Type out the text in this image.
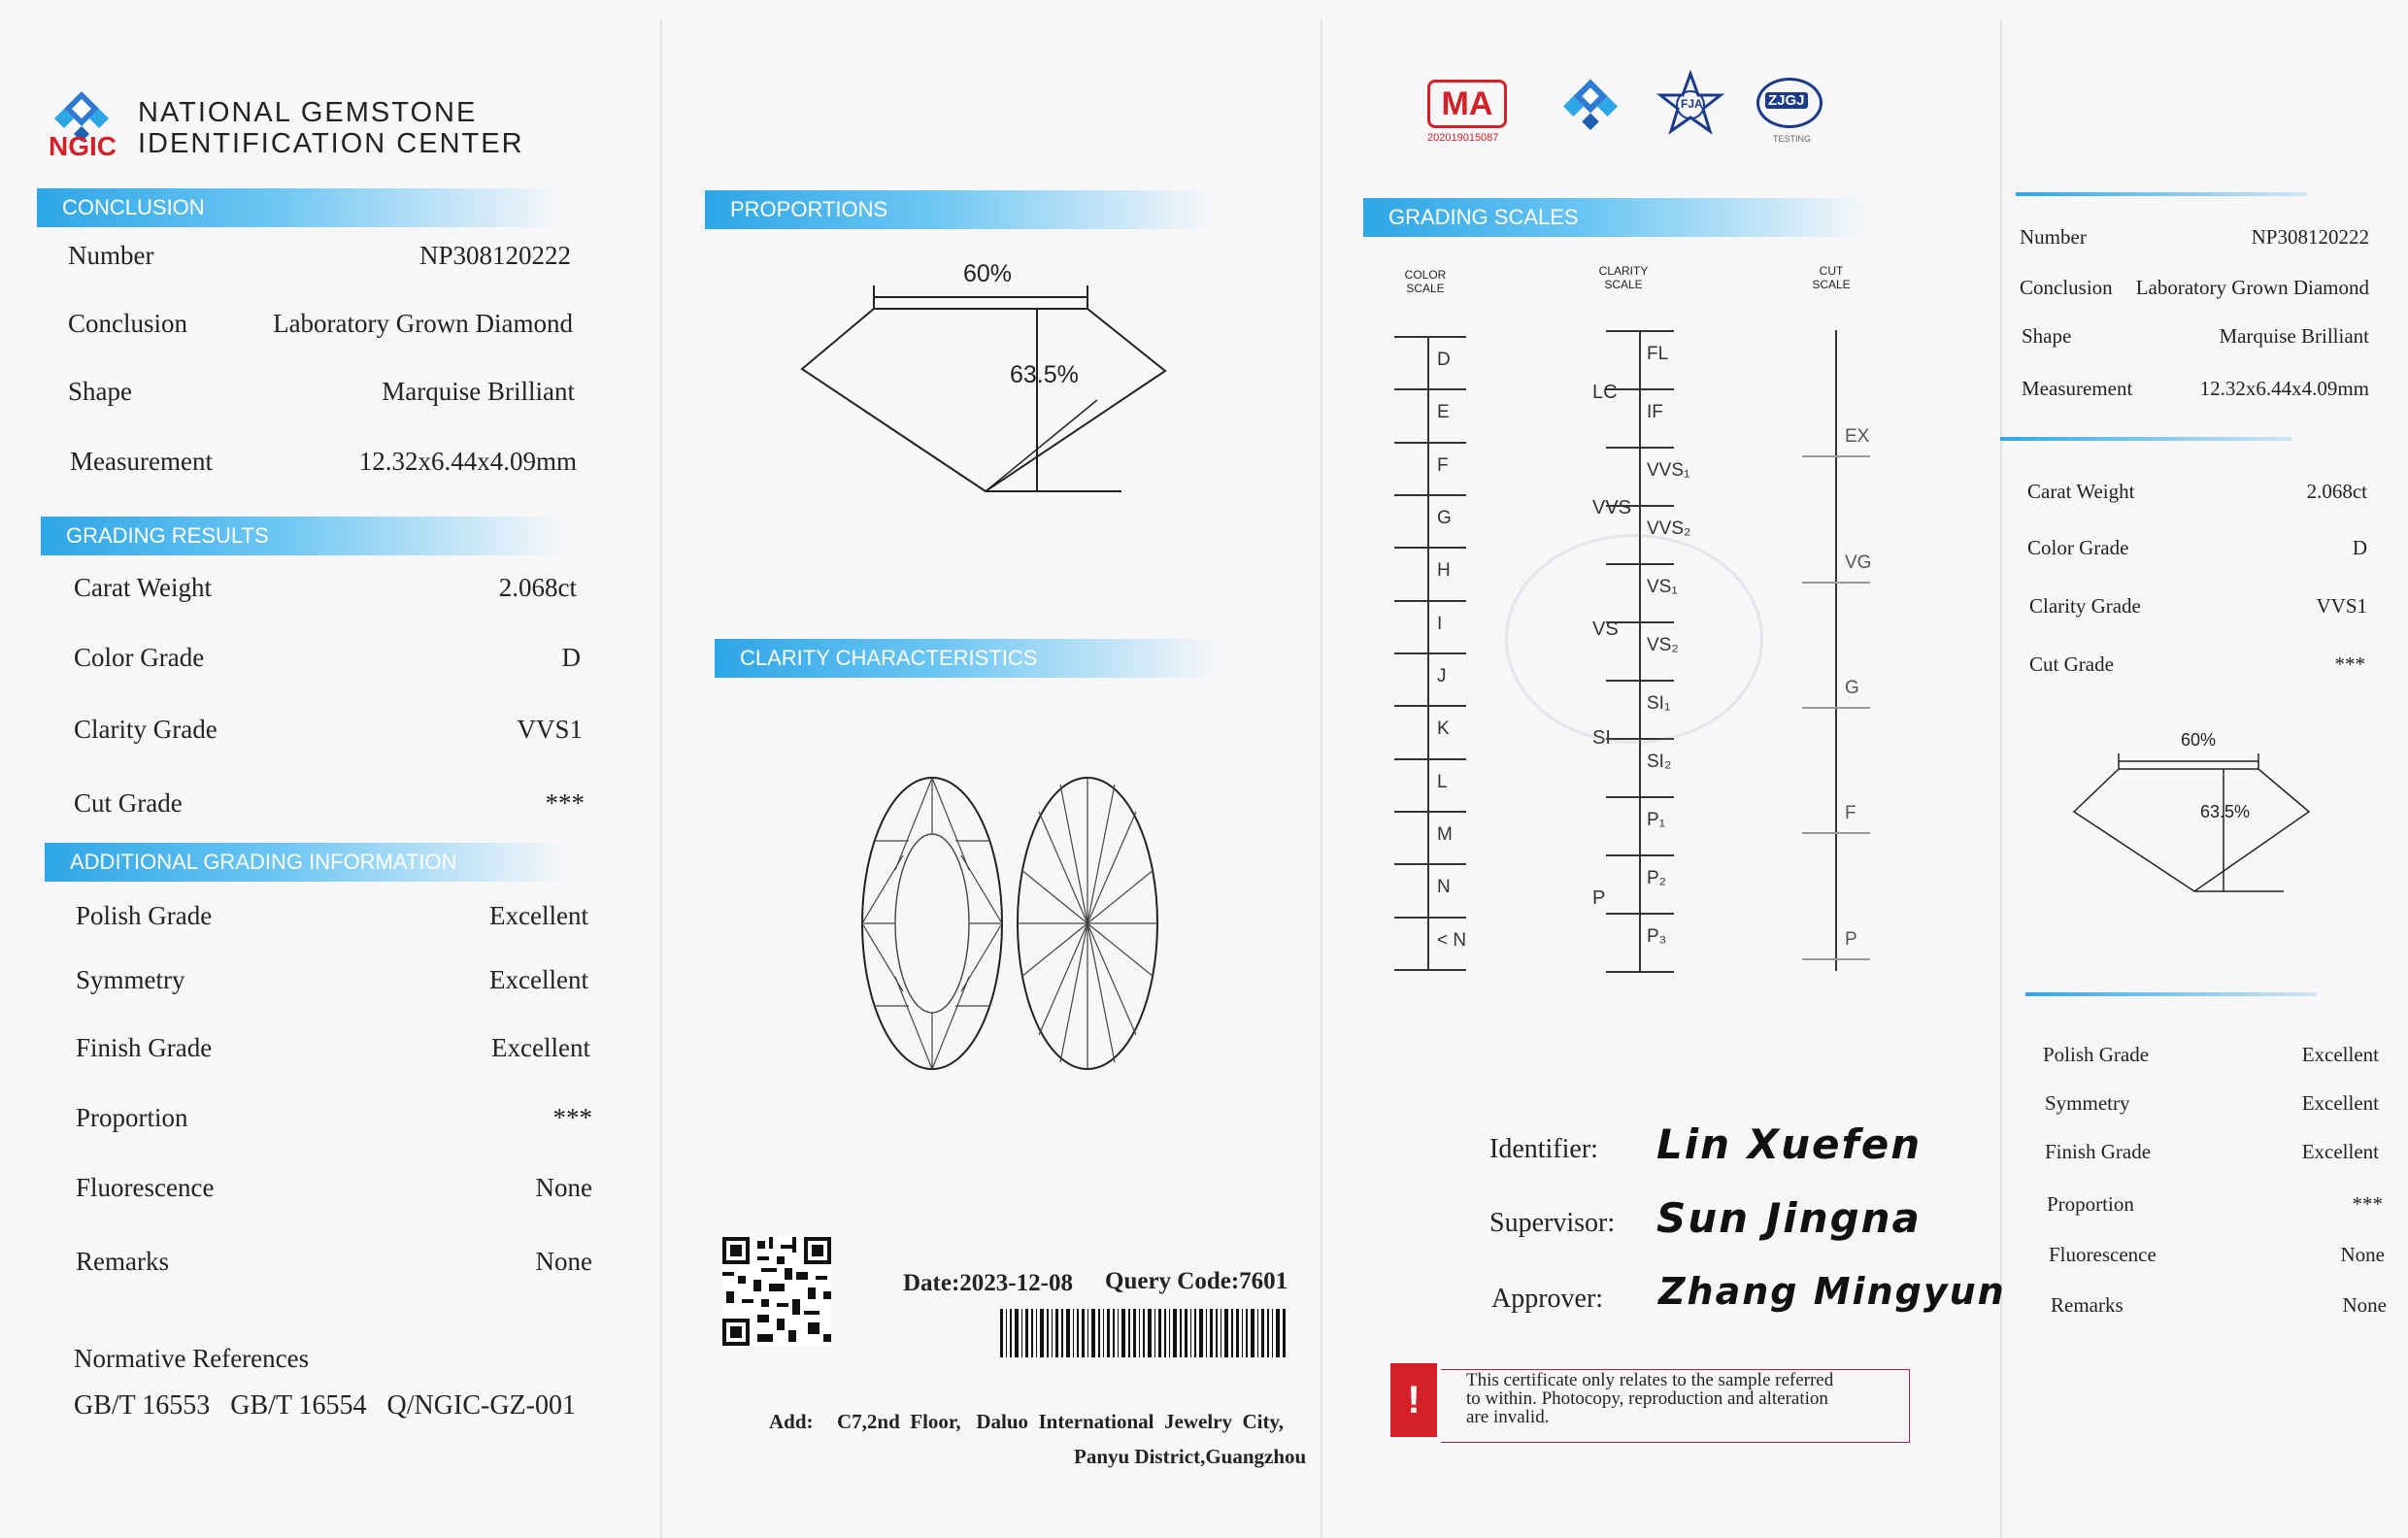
NGIC
NATIONAL GEMSTONE
IDENTIFICATION CENTER
CONCLUSION
Number	NP308120222
Conclusion	Laboratory Grown Diamond
Shape	Marquise Brilliant
Measurement	12.32x6.44x4.09mm
GRADING RESULTS
Carat Weight	2.068ct
Color Grade	D
Clarity Grade	VVS1
Cut Grade	***
ADDITIONAL GRADING INFORMATION
Polish Grade	Excellent
Symmetry	Excellent
Finish Grade	Excellent
Proportion	***
Fluorescence	None
Remarks	None
Normative References
GB/T 16553   GB/T 16554   Q/NGIC-GZ-001
PROPORTIONS
60%
63.5%
CLARITY CHARACTERISTICS
Date:2023-12-08 Query Code:7601
Add: C7,2nd  Floor,   Daluo  International  Jewelry  City,
Panyu District,Guangzhou
MA
202019015087
FJA	ZJGJ
TESTING
GRADING SCALES
COLOR
SCALE
CLARITY
SCALE
CUT
SCALE
D
E
F
G
H
I
J
K
L
M
N
< N
FL
IF
VVS₁
VVS₂
VS₁
VS₂
SI₁
SI₂
P₁
P₂
P₃
LC
VVS
VS
SI
P
EX
VG
G
F
P
Identifier: Lin Xuefen
Supervisor: Sun Jingna
Approver: Zhang Mingyun
!	This certificate only relates to the sample referred
to within. Photocopy, reproduction and alteration
are invalid.
Number	NP308120222
Conclusion Laboratory Grown Diamond
Shape	Marquise Brilliant
Measurement	12.32x6.44x4.09mm
Carat Weight	2.068ct
Color Grade	D
Clarity Grade	VVS1
Cut Grade	***
60%
63.5%
Polish Grade	Excellent
Symmetry	Excellent
Finish Grade	Excellent
Proportion	***
Fluorescence	None
Remarks	None
